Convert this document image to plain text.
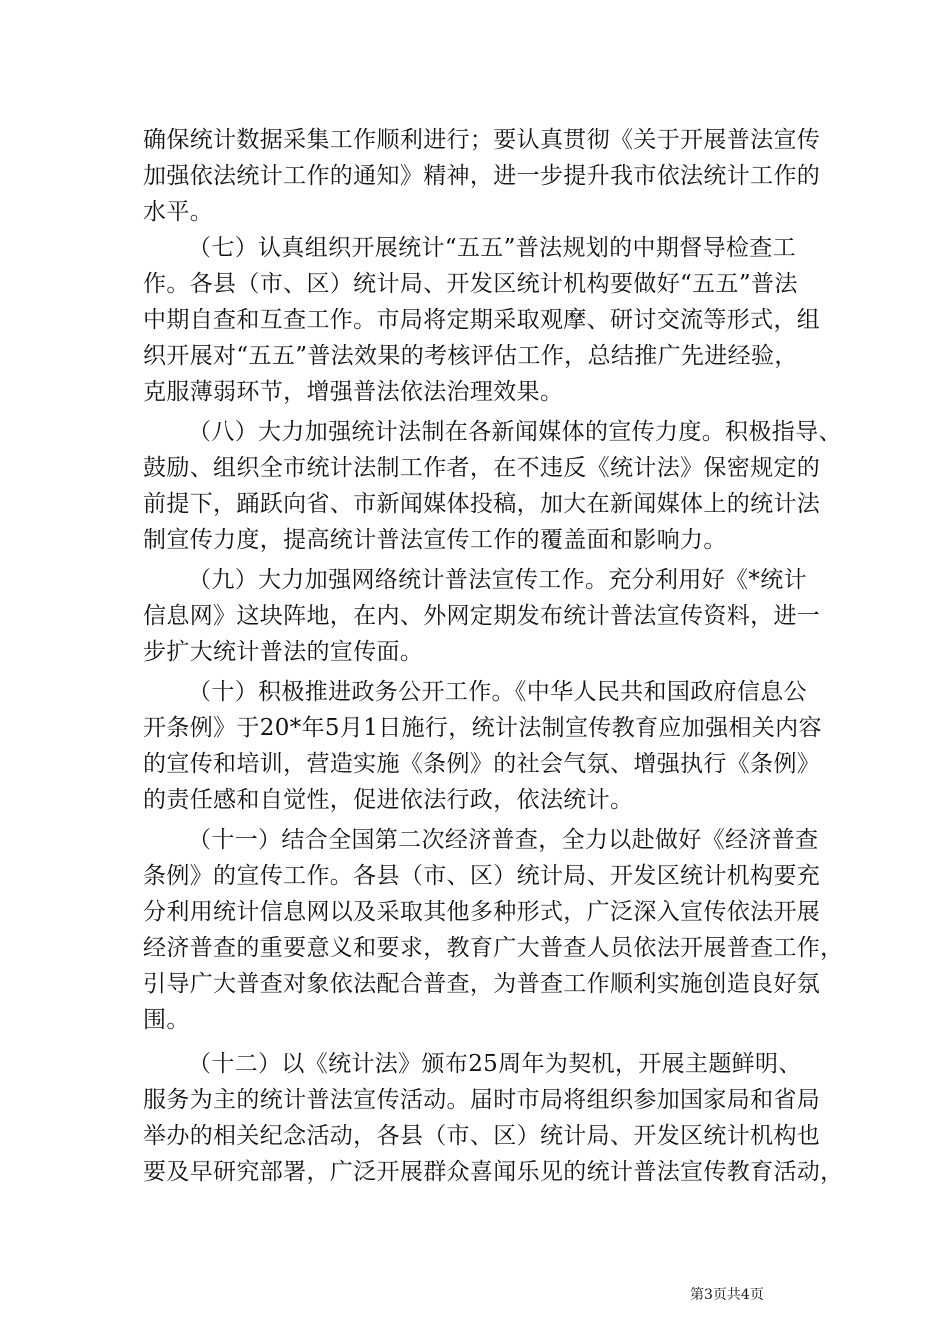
确保统计数据采集工作顺利进行；要认真贯彻《关于开展普法宣传
加强依法统计工作的通知》精神，进一步提升我市依法统计工作的
水平。
（七）认真组织开展统计“五五”普法规划的中期督导检查工
作。各县（市、区）统计局、开发区统计机构要做好“五五”普法
中期自查和互查工作。市局将定期采取观摩、研讨交流等形式，组
织开展对“五五”普法效果的考核评估工作，总结推广先进经验，
克服薄弱环节，增强普法依法治理效果。
（八）大力加强统计法制在各新闻媒体的宣传力度。积极指导、
鼓励、组织全市统计法制工作者，在不违反《统计法》保密规定的
前提下，踊跃向省、市新闻媒体投稿，加大在新闻媒体上的统计法
制宣传力度，提高统计普法宣传工作的覆盖面和影响力。
（九）大力加强网络统计普法宣传工作。充分利用好《*统计
信息网》这块阵地，在内、外网定期发布统计普法宣传资料，进一
步扩大统计普法的宣传面。
（十）积极推进政务公开工作。《中华人民共和国政府信息公
开条例》于20*年5月1日施行，统计法制宣传教育应加强相关内容
的宣传和培训，营造实施《条例》的社会气氛、增强执行《条例》
的责任感和自觉性，促进依法行政，依法统计。
（十一）结合全国第二次经济普查，全力以赴做好《经济普查
条例》的宣传工作。各县（市、区）统计局、开发区统计机构要充
分利用统计信息网以及采取其他多种形式，广泛深入宣传依法开展
经济普查的重要意义和要求，教育广大普查人员依法开展普查工作，
引导广大普查对象依法配合普查，为普查工作顺利实施创造良好氛
围。
（十二）以《统计法》颁布25周年为契机，开展主题鲜明、
服务为主的统计普法宣传活动。届时市局将组织参加国家局和省局
举办的相关纪念活动，各县（市、区）统计局、开发区统计机构也
要及早研究部署，广泛开展群众喜闻乐见的统计普法宣传教育活动，
第3页共4页
